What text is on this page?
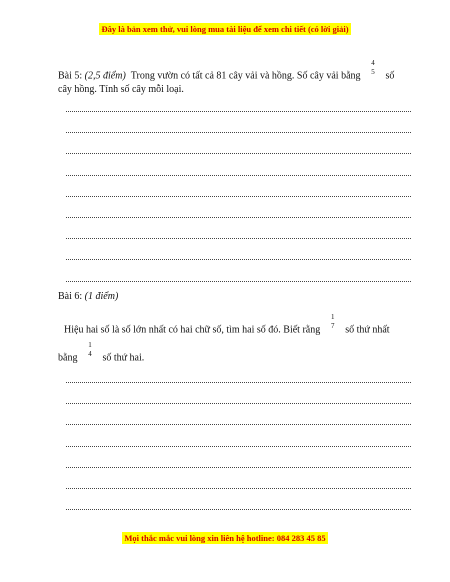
Đây là bản xem thử, vui lòng mua tài liệu để xem chi tiết (có lời giải)
Bài 5: (2,5 điểm) Trong vườn có tất cả 81 cây vải và hồng. Số cây vải bằng
4
5 số
cây hồng. Tính số cây mỗi loại.
Bài 6: (1 điểm)
Hiệu hai số là số lớn nhất có hai chữ số, tìm hai số đó. Biết rằng
1
7 số thứ nhất
bằng
1
4 số thứ hai.
Mọi thắc mắc vui lòng xin liên hệ hotline: 084 283 45 85
